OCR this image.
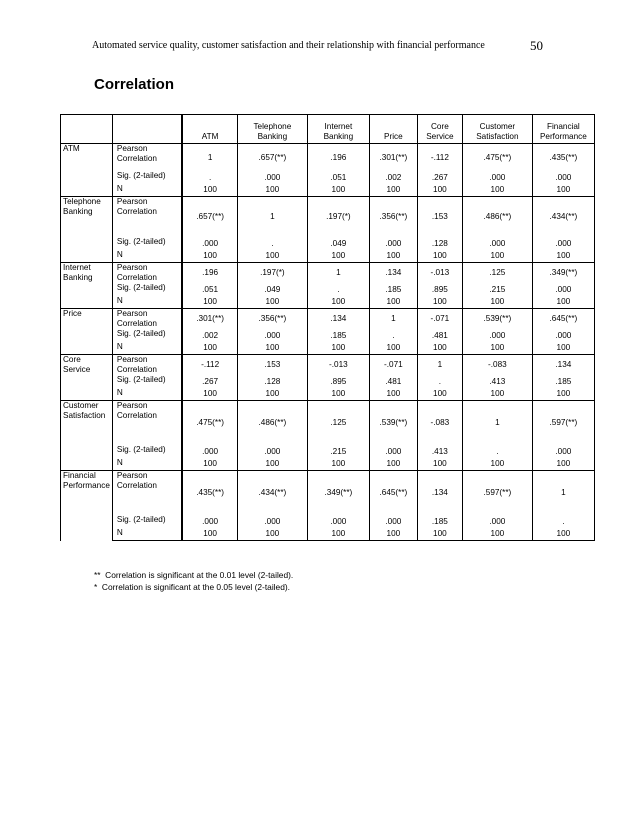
Automated service quality, customer satisfaction and their relationship with financial performance	50
Correlation
		ATM	Telephone Banking	Internet Banking	Price	Core Service	Customer Satisfaction	Financial Performance
ATM	Pearson Correlation	1	.657(**)	.196	.301(**)	-.112	.475(**)	.435(**)
	Sig. (2-tailed)	.	.000	.051	.002	.267	.000	.000
	N	100	100	100	100	100	100	100
Telephone Banking	Pearson Correlation	.657(**)	1	.197(*)	.356(**)	.153	.486(**)	.434(**)
	Sig. (2-tailed)	.000	.	.049	.000	.128	.000	.000
	N	100	100	100	100	100	100	100
Internet Banking	Pearson Correlation	.196	.197(*)	1	.134	-.013	.125	.349(**)
	Sig. (2-tailed)	.051	.049	.	.185	.895	.215	.000
	N	100	100	100	100	100	100	100
Price	Pearson Correlation	.301(**)	.356(**)	.134	1	-.071	.539(**)	.645(**)
	Sig. (2-tailed)	.002	.000	.185	.	.481	.000	.000
	N	100	100	100	100	100	100	100
Core Service	Pearson Correlation	-.112	.153	-.013	-.071	1	-.083	.134
	Sig. (2-tailed)	.267	.128	.895	.481	.	.413	.185
	N	100	100	100	100	100	100	100
Customer Satisfaction	Pearson Correlation	.475(**)	.486(**)	.125	.539(**)	-.083	1	.597(**)
	Sig. (2-tailed)	.000	.000	.215	.000	.413	.	.000
	N	100	100	100	100	100	100	100
Financial Performance	Pearson Correlation	.435(**)	.434(**)	.349(**)	.645(**)	.134	.597(**)	1
	Sig. (2-tailed)	.000	.000	.000	.000	.185	.000	.
	N	100	100	100	100	100	100	100
**  Correlation is significant at the 0.01 level (2-tailed).
*  Correlation is significant at the 0.05 level (2-tailed).
